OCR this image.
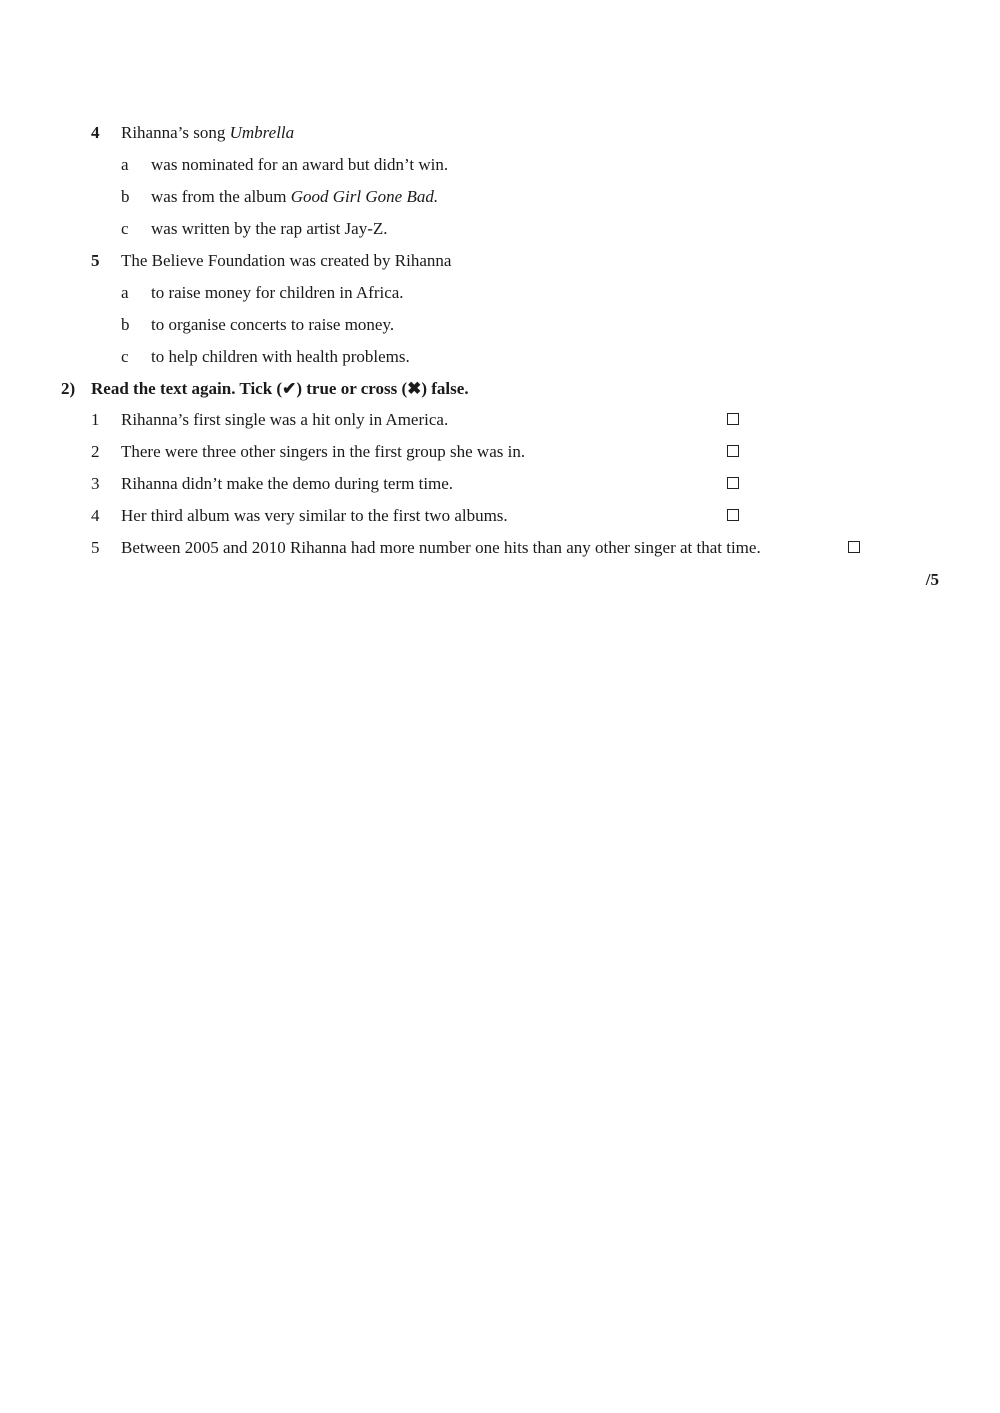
4 Rihanna’s song Umbrella
a was nominated for an award but didn’t win.
b was from the album Good Girl Gone Bad.
c was written by the rap artist Jay-Z.
5 The Believe Foundation was created by Rihanna
a to raise money for children in Africa.
b to organise concerts to raise money.
c to help children with health problems.
2) Read the text again. Tick (✔) true or cross (✖) false.
1 Rihanna’s first single was a hit only in America.
2 There were three other singers in the first group she was in.
3 Rihanna didn’t make the demo during term time.
4 Her third album was very similar to the first two albums.
5 Between 2005 and 2010 Rihanna had more number one hits than any other singer at that time.
/5
